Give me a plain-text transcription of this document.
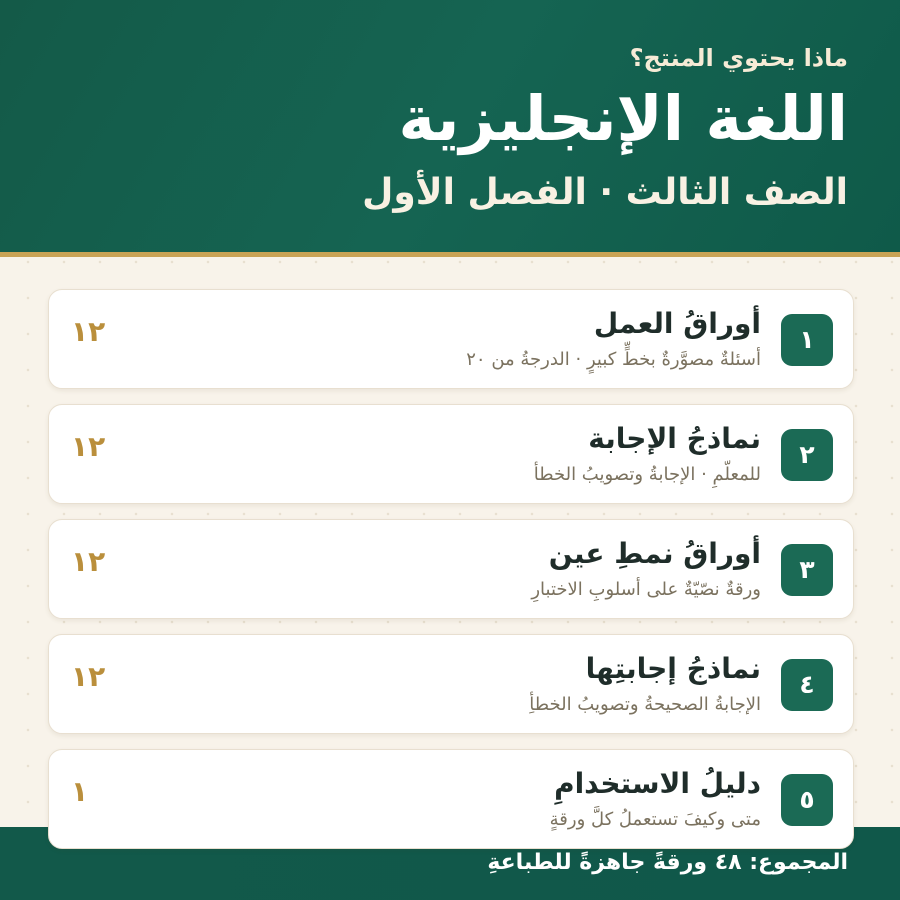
ماذا يحتوي المنتج؟
اللغة الإنجليزية
الصف الثالث · الفصل الأول
١
أوراقُ العمل
أسئلةٌ مصوَّرةٌ بخطٍّ كبيرٍ · الدرجةُ من ٢٠
١٢
٢
نماذجُ الإجابة
للمعلّمِ · الإجابةُ وتصويبُ الخطأ
١٢
٣
أوراقُ نمطِ عين
ورقةٌ نصّيّةٌ على أسلوبِ الاختبارِ
١٢
٤
نماذجُ إجابتِها
الإجابةُ الصحيحةُ وتصويبُ الخطأِ
١٢
٥
دليلُ الاستخدامِ
متى وكيفَ تستعملُ كلَّ ورقةٍ
١
المجموع: ٤٨ ورقةً جاهزةً للطباعةِ
